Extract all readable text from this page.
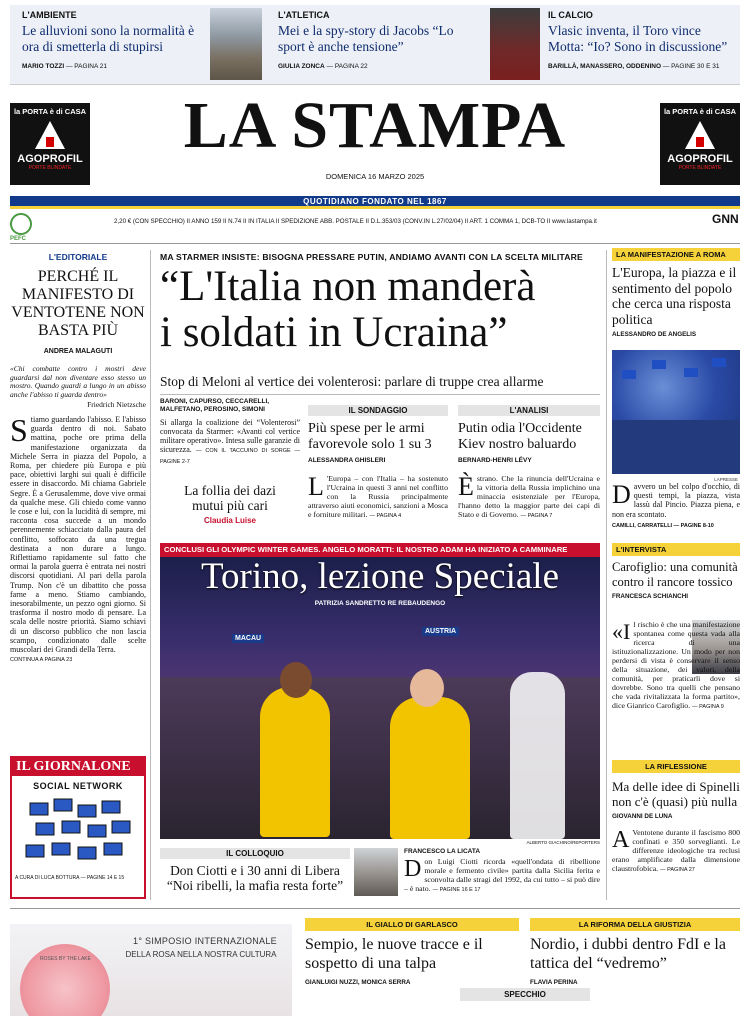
L'AMBIENTE
Le alluvioni sono la normalità è ora di smetterla di stupirsi
MARIO TOZZI — PAGINA 21
L'ATLETICA
Mei e la spy-story di Jacobs “Lo sport è anche tensione”
GIULIA ZONCA — PAGINA 22
IL CALCIO
Vlasic inventa, il Toro vince Motta: “Io? Sono in discussione”
BARILLÀ, MANASSERO, ODDENINO — PAGINE 30 E 31
la PORTA è di CASA
AGOPROFIL
PORTE BLINDATE
la PORTA è di CASA
AGOPROFIL
PORTE BLINDATE
LA STAMPA
DOMENICA 16 MARZO 2025
QUOTIDIANO FONDATO NEL 1867
PEFC
2,20 € (CON SPECCHIO) II ANNO 159 II N.74 II IN ITALIA II SPEDIZIONE ABB. POSTALE II D.L.353/03 (CONV.IN L.27/02/04) II ART. 1 COMMA 1, DCB-TO II www.lastampa.it	GNN
L'EDITORIALE
PERCHÉ IL MANIFESTO DI VENTOTENE NON BASTA PIÙ
ANDREA MALAGUTI
«Chi combatte contro i mostri deve guardarsi dal non diventare esso stesso un mostro. Quando guardi a lungo in un abisso anche l'abisso ti guarda dentro»
Friedrich Nietzsche
Stiamo guardando l'abisso. E l'abisso guarda dentro di noi. Sabato mattina, poche ore prima della manifestazione organizzata da Michele Serra in piazza del Popolo, a Roma, per chiedere più Europa e più pace, obiettivi larghi sui quali è difficile essere in disaccordo. Mi chiama Gabriele Segre. È a Gerusalemme, dove vive ormai da qualche mese. Gli chiedo come vanno le cose e lui, con la lucidità di sempre, mi racconta cosa succede a un mondo perennemente schiacciato dalla paura del conflitto, soffocato da una tregua destinata a non durare a lungo. Riflettiamo rapidamente sul fatto che ormai la parola guerra è entrata nei nostri discorsi quotidiani. Al pari della parola Trump. Non c'è un dibattito che possa farne a meno. Stiamo cambiando, inesorabilmente, un pezzo ogni giorno. Si trasforma il nostro modo di pensare. La scala delle nostre priorità. Siamo schiavi di un discorso pubblico che non lascia scampo, condizionato dalle scelte muscolari dei Grandi della Terra.
CONTINUA A PAGINA 23
IL GIORNALONE
SOCIAL NETWORK
A CURA DI LUCA BOTTURA — PAGINE 14 E 15
MA STARMER INSISTE: BISOGNA PRESSARE PUTIN, ANDIAMO AVANTI CON LA SCELTA MILITARE
“L'Italia non manderà
i soldati in Ucraina”
Stop di Meloni al vertice dei volenterosi: parlare di truppe crea allarme
BARONI, CAPURSO, CECCARELLI, MALFETANO, PEROSINO, SIMONI
Si allarga la coalizione dei “Volenterosi” convocata da Starmer: «Avanti col vertice militare operativo». Intesa sulle garanzie di sicurezza. — CON IL TACCUINO DI SORGE — PAGINE 2-7
La follia dei dazi mutui più cari
Claudia Luise
IL SONDAGGIO
Più spese per le armi favorevole solo 1 su 3
ALESSANDRA GHISLERI
L 'Europa – con l'Italia – ha sostenuto l'Ucraina in questi 3 anni nel conflitto con la Russia principalmente attraverso aiuti economici, sanzioni a Mosca e forniture militari. — PAGINA 4
L'ANALISI
Putin odia l'Occidente Kiev nostro baluardo
BERNARD-HENRI LÉVY
Èstrano. Che la rinuncia dell'Ucraina e la vittoria della Russia implichino una minaccia esistenziale per l'Europa, l'hanno detto la maggior parte dei capi di Stato e di Governo. — PAGINA 7
CONCLUSI GLI OLYMPIC WINTER GAMES. ANGELO MORATTI: IL NOSTRO ADAM HA INIZIATO A CAMMINARE
MACAU
AUSTRIA
Torino, lezione Speciale
PATRIZIA SANDRETTO RE REBAUDENGO
ALBERTO GIACHINO/REPORTERS
IL COLLOQUIO
Don Ciotti e i 30 anni di Libera “Noi ribelli, la mafia resta forte”
FRANCESCO LA LICATA
Don Luigi Ciotti ricorda «quell'ondata di ribellione morale e fermento civile» partita dalla Sicilia ferita e sconvolta dalle stragi del 1992, da cui tutto – si può dire – è nato. — PAGINE 16 E 17
LA MANIFESTAZIONE A ROMA
L'Europa, la piazza e il sentimento del popolo che cerca una risposta politica
ALESSANDRO DE ANGELIS
LAPRESSE
Davvero un bel colpo d'occhio, di questi tempi, la piazza, vista lassù dal Pincio. Piazza piena, e non era scontato.
CAMILLI, CARRATELLI — PAGINE 8-10
L'INTERVISTA
Carofiglio: una comunità contro il rancore tossico
FRANCESCA SCHIANCHI
«Il rischio è che una manifestazione spontanea come questa vada alla ricerca di una istituzionalizzazione. Un modo per non perdersi di vista è conservare il senso della situazione, dei valori, della comunità, per praticarli dove si dovrebbe. Sono tra quelli che pensano che vada rivitalizzata la forma partito», dice Gianrico Carofiglio. — PAGINA 9
LA RIFLESSIONE
Ma delle idee di Spinelli non c'è (quasi) più nulla
GIOVANNI DE LUNA
A Ventotene durante il fascismo 800 confinati e 350 sorveglianti. Le differenze ideologiche tra reclusi erano amplificate dalla dimensione claustrofobica. — PAGINA 27
ROSES BY THE LAKE
1° SIMPOSIO INTERNAZIONALE
DELLA ROSA NELLA NOSTRA CULTURA
IL GIALLO DI GARLASCO
Sempio, le nuove tracce e il sospetto di una talpa
GIANLUIGI NUZZI, MONICA SERRA
SPECCHIO
LA RIFORMA DELLA GIUSTIZIA
Nordio, i dubbi dentro FdI e la tattica del “vedremo”
FLAVIA PERINA
